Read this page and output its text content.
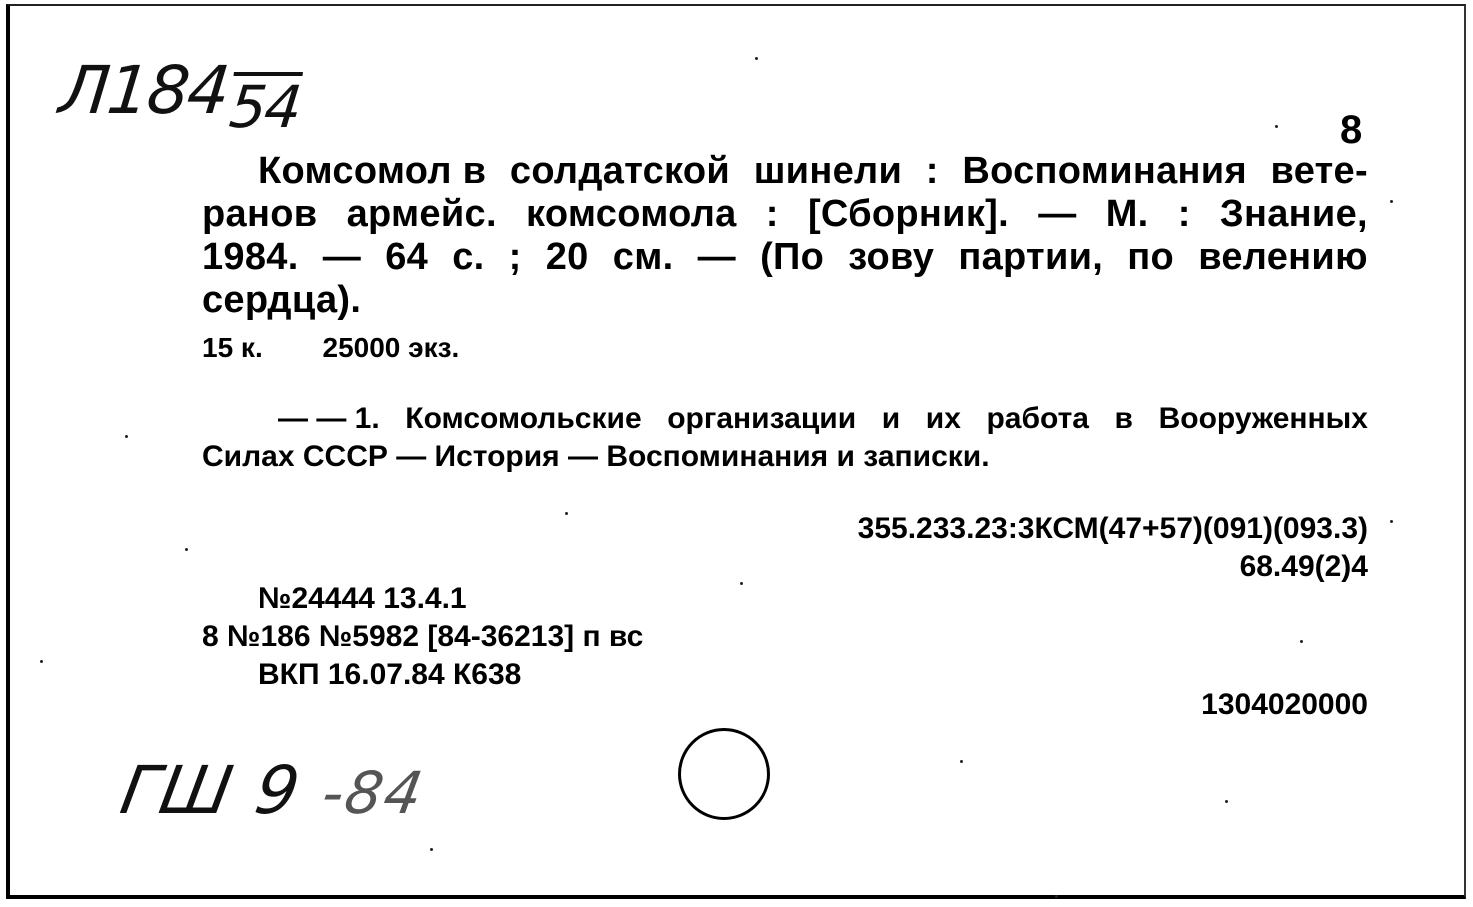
Л18454	8
Комсомол в солдатской шинели : Воспоминания вете-
ранов армейс. комсомола : [Сборник]. — М. : Знание,
1984. — 64 с. ; 20 см. — (По зову партии, по велению
сердца).
15 к. 25000 экз.
— — 1. Комсомольские организации и их работа в Вооруженных
Силах СССР — История — Воспоминания и записки.
355.233.23:3КСМ(47+57)(091)(093.3)
68.49(2)4
№24444 13.4.1
8 №186 №5982 [84-36213] п вс
ВКП 16.07.84 К638
1304020000
ГШ 9 -84
